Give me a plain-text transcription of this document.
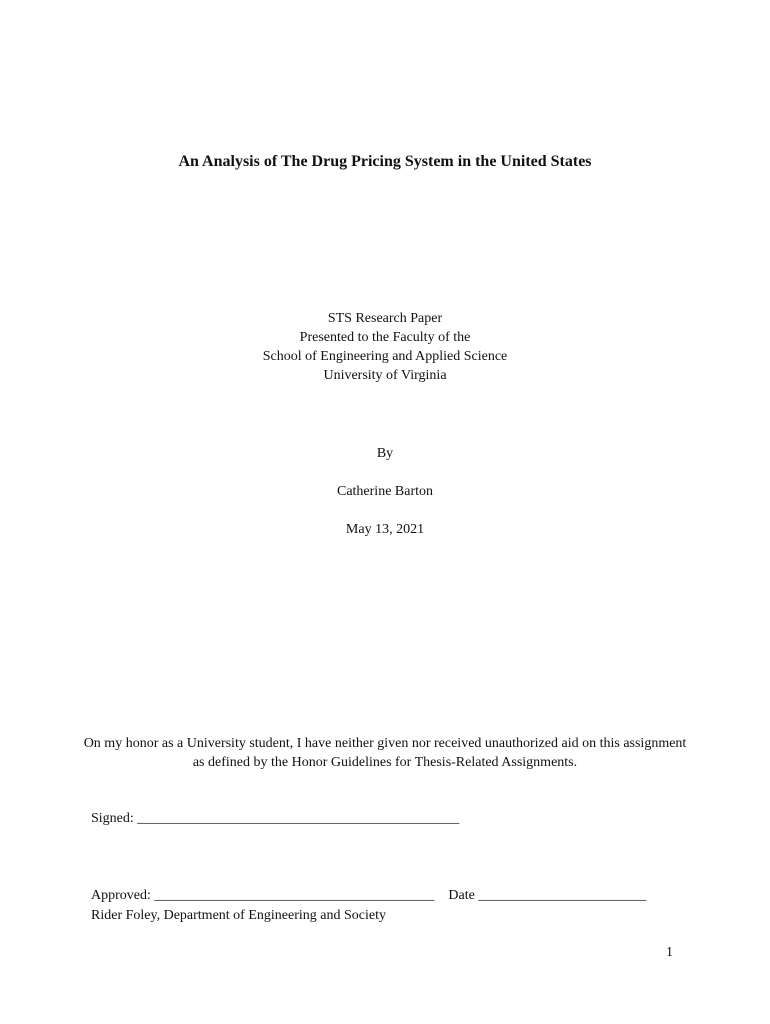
An Analysis of The Drug Pricing System in the United States
STS Research Paper
Presented to the Faculty of the
School of Engineering and Applied Science
University of Virginia
By
Catherine Barton
May 13, 2021
On my honor as a University student, I have neither given nor received unauthorized aid on this assignment as defined by the Honor Guidelines for Thesis-Related Assignments.
Signed: ______________________________________________
Approved: ________________________________________ Date ________________________
Rider Foley, Department of Engineering and Society
1
